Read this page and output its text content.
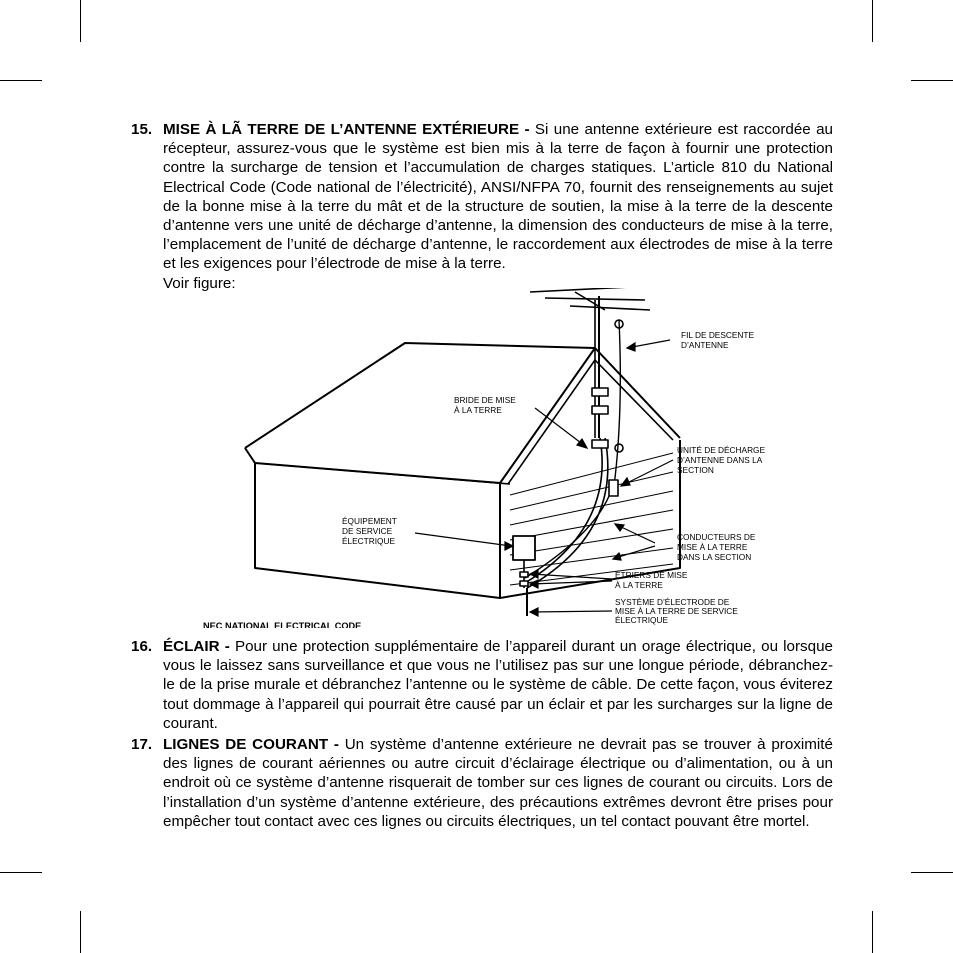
15. MISE À LÃ TERRE DE L’ANTENNE EXTÉRIEURE - Si une antenne extérieure est raccordée au récepteur, assurez-vous que le système est bien mis à la terre de façon à fournir une protection contre la surcharge de tension et l’accumulation de charges statiques. L’article 810 du National Electrical Code (Code national de l’électricité), ANSI/NFPA 70, fournit des renseignements au sujet de la bonne mise à la terre du mât et de la structure de soutien, la mise à la terre de la descente d’antenne vers une unité de décharge d’antenne, la dimension des conducteurs de mise à la terre, l’emplacement de l’unité de décharge d’antenne, le raccordement aux électrodes de mise à la terre et les exigences pour l’électrode de mise à la terre.
Voir figure:
FIL DE DESCENTE
D’ANTENNE
BRIDE DE MISE
À LA TERRE
UNITÉ DE DÉCHARGE
D’ANTENNE DANS LA
SECTION
ÉQUIPEMENT
DE SERVICE
ÉLECTRIQUE	CONDUCTEURS DE
MISE À LA TERRE
DANS LA SECTION
ÉTRIERS DE MISE
À LA TERRE
SYSTÈME D’ÉLECTRODE DE
MISE À LA TERRE DE SERVICE
ÉLECTRIQUE
NEC NATIONAL ELECTRICAL CODE
16. ÉCLAIR - Pour une protection supplémentaire de l’appareil durant un orage électrique, ou lorsque vous le laissez sans surveillance et que vous ne l’utilisez pas sur une longue période, débranchez-le de la prise murale et débranchez l’antenne ou le système de câble. De cette façon, vous éviterez tout dommage à l’appareil qui pourrait être causé par un éclair et par les surcharges sur la ligne de courant.
17. LIGNES DE COURANT - Un système d’antenne extérieure ne devrait pas se trouver à proximité des lignes de courant aériennes ou autre circuit d’éclairage électrique ou d’alimentation, ou à un endroit où ce système d’antenne risquerait de tomber sur ces lignes de courant ou circuits. Lors de l’installation d’un système d’antenne extérieure, des précautions extrêmes devront être prises pour empêcher tout contact avec ces lignes ou circuits électriques, un tel contact pouvant être mortel.
